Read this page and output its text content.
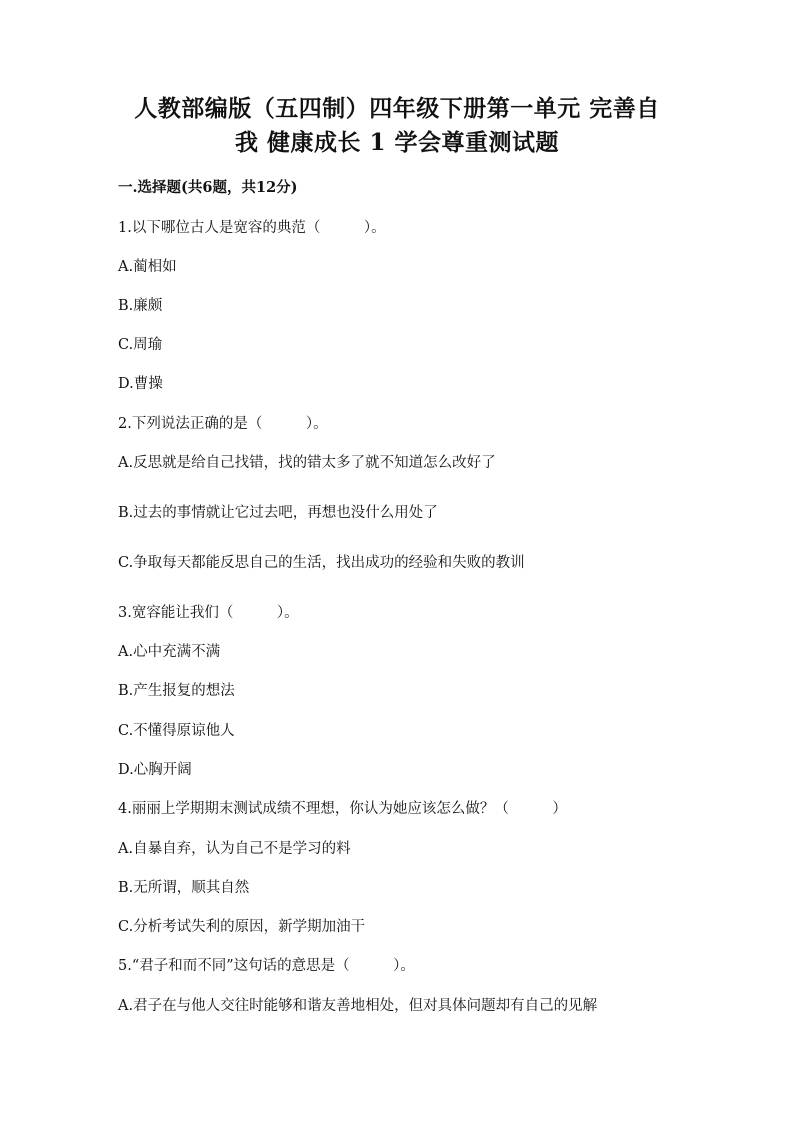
人教部编版（五四制）四年级下册第一单元 完善自
我 健康成长 1 学会尊重测试题
一.选择题(共6题，共12分)
1.以下哪位古人是宽容的典范（　　　）。
A.蔺相如
B.廉颇
C.周瑜
D.曹操
2.下列说法正确的是（　　　）。
A.反思就是给自己找错，找的错太多了就不知道怎么改好了
B.过去的事情就让它过去吧，再想也没什么用处了
C.争取每天都能反思自己的生活，找出成功的经验和失败的教训
3.宽容能让我们（　　　）。
A.心中充满不满
B.产生报复的想法
C.不懂得原谅他人
D.心胸开阔
4.丽丽上学期期末测试成绩不理想，你认为她应该怎么做？（　　　）
A.自暴自弃，认为自己不是学习的料
B.无所谓，顺其自然
C.分析考试失利的原因，新学期加油干
5.“君子和而不同”这句话的意思是（　　　）。
A.君子在与他人交往时能够和谐友善地相处，但对具体问题却有自己的见解
